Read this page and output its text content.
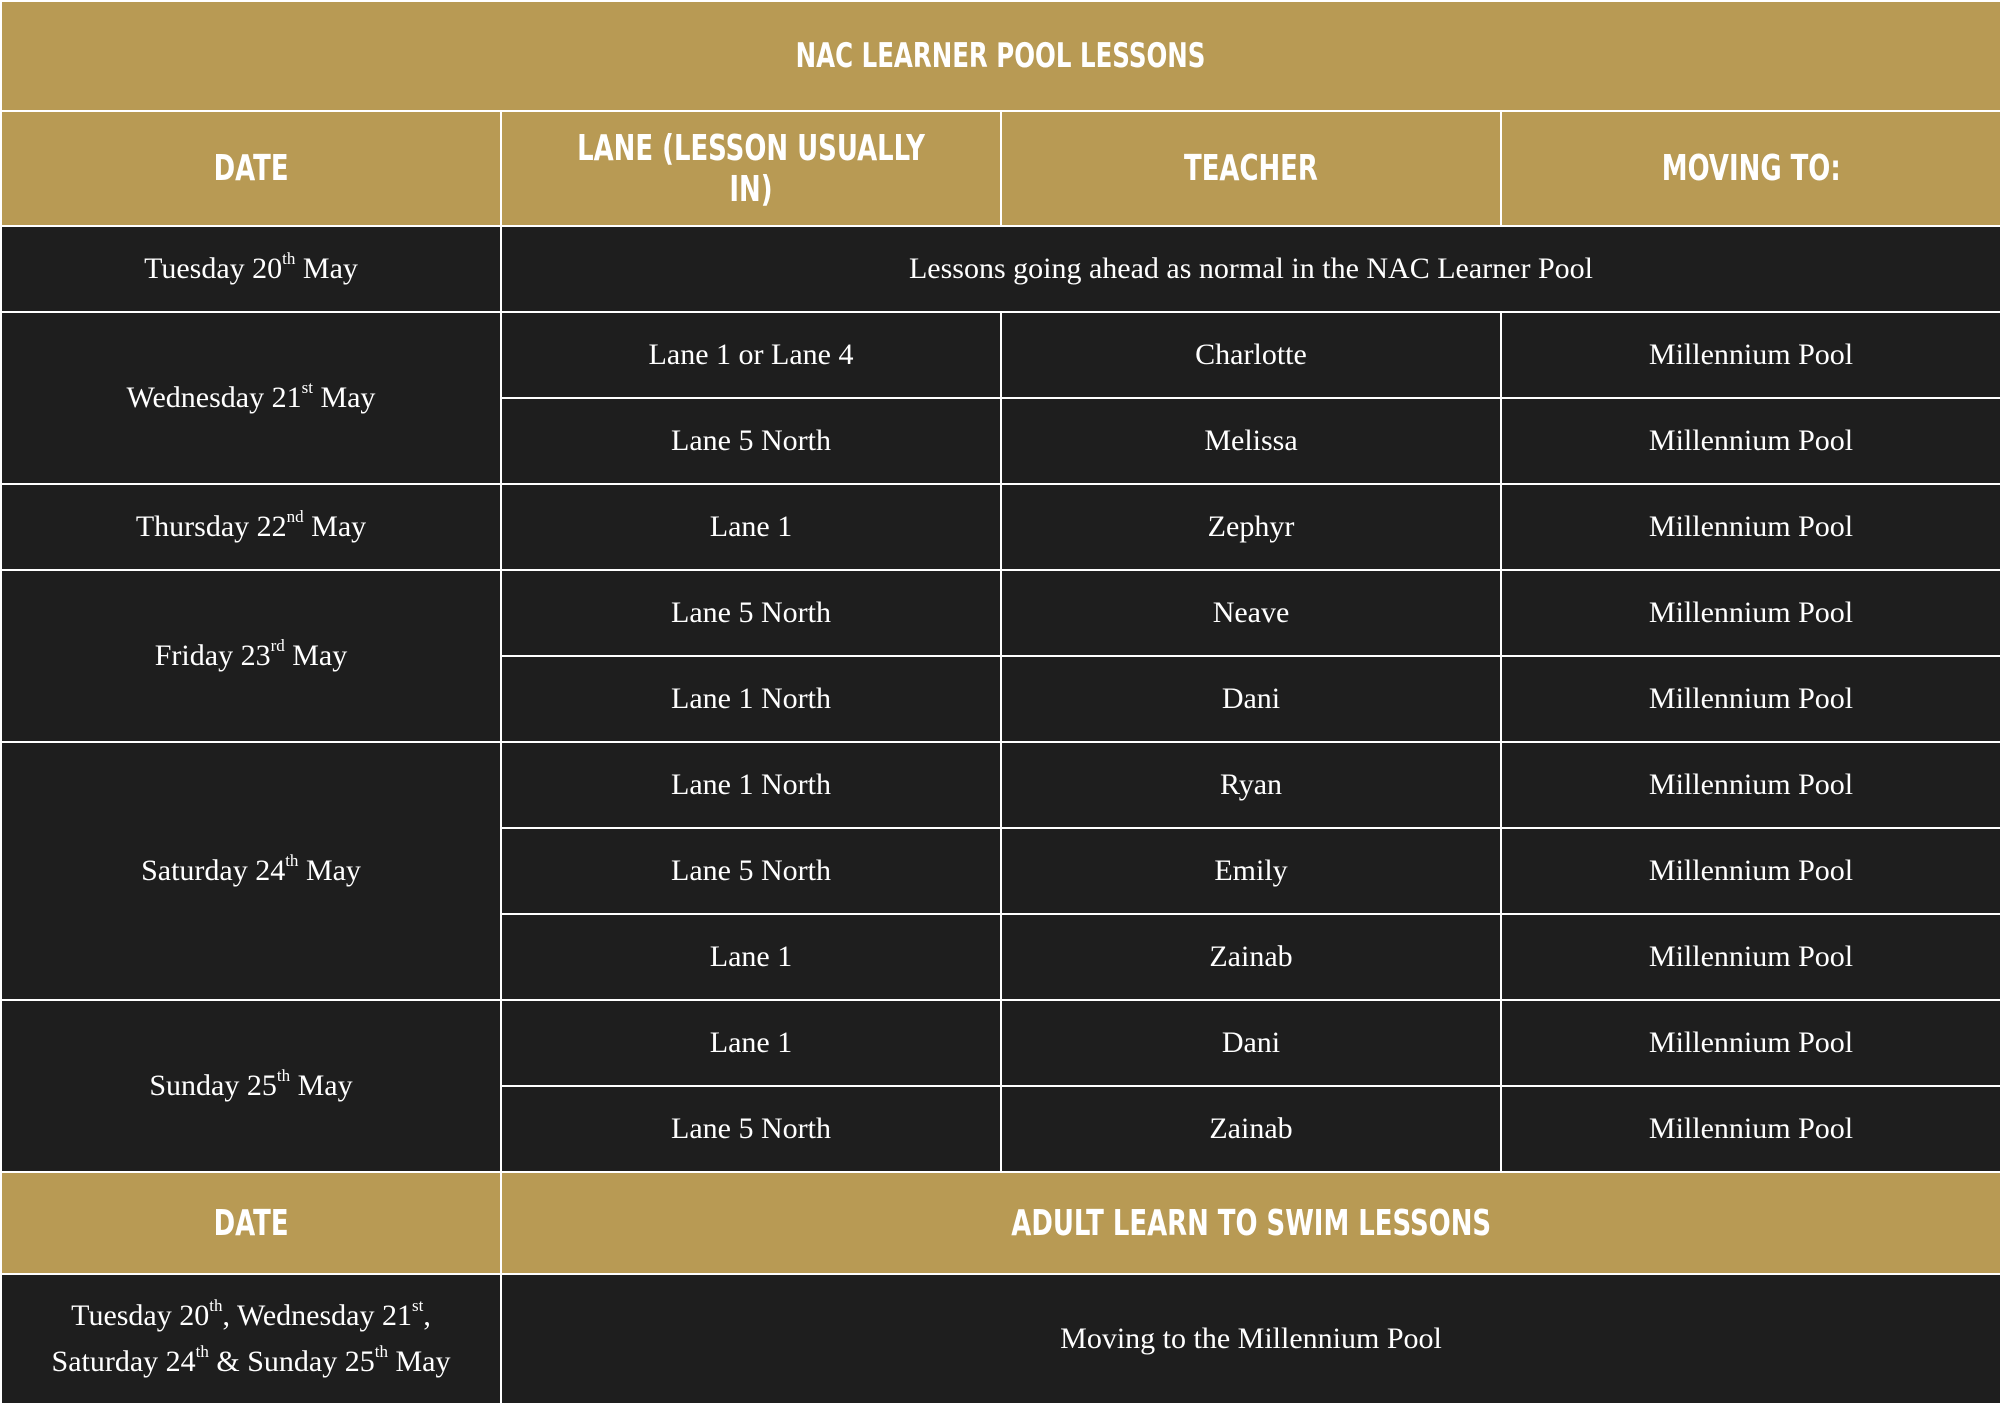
NAC LEARNER POOL LESSONS			
DATE	LANE (LESSON USUALLY IN)	TEACHER	MOVING TO:
Tuesday 20th May	Lessons going ahead as normal in the NAC Learner Pool		
Wednesday 21st May	Lane 1 or Lane 4	Charlotte	Millennium Pool
	Lane 5 North	Melissa	Millennium Pool
Thursday 22nd May	Lane 1	Zephyr	Millennium Pool
Friday 23rd May	Lane 5 North	Neave	Millennium Pool
	Lane 1 North	Dani	Millennium Pool
Saturday 24th May	Lane 1 North	Ryan	Millennium Pool
	Lane 5 North	Emily	Millennium Pool
	Lane 1	Zainab	Millennium Pool
Sunday 25th May	Lane 1	Dani	Millennium Pool
	Lane 5 North	Zainab	Millennium Pool
DATE	ADULT LEARN TO SWIM LESSONS		
Tuesday 20th, Wednesday 21st,
Saturday 24th & Sunday 25th May	Moving to the Millennium Pool		
